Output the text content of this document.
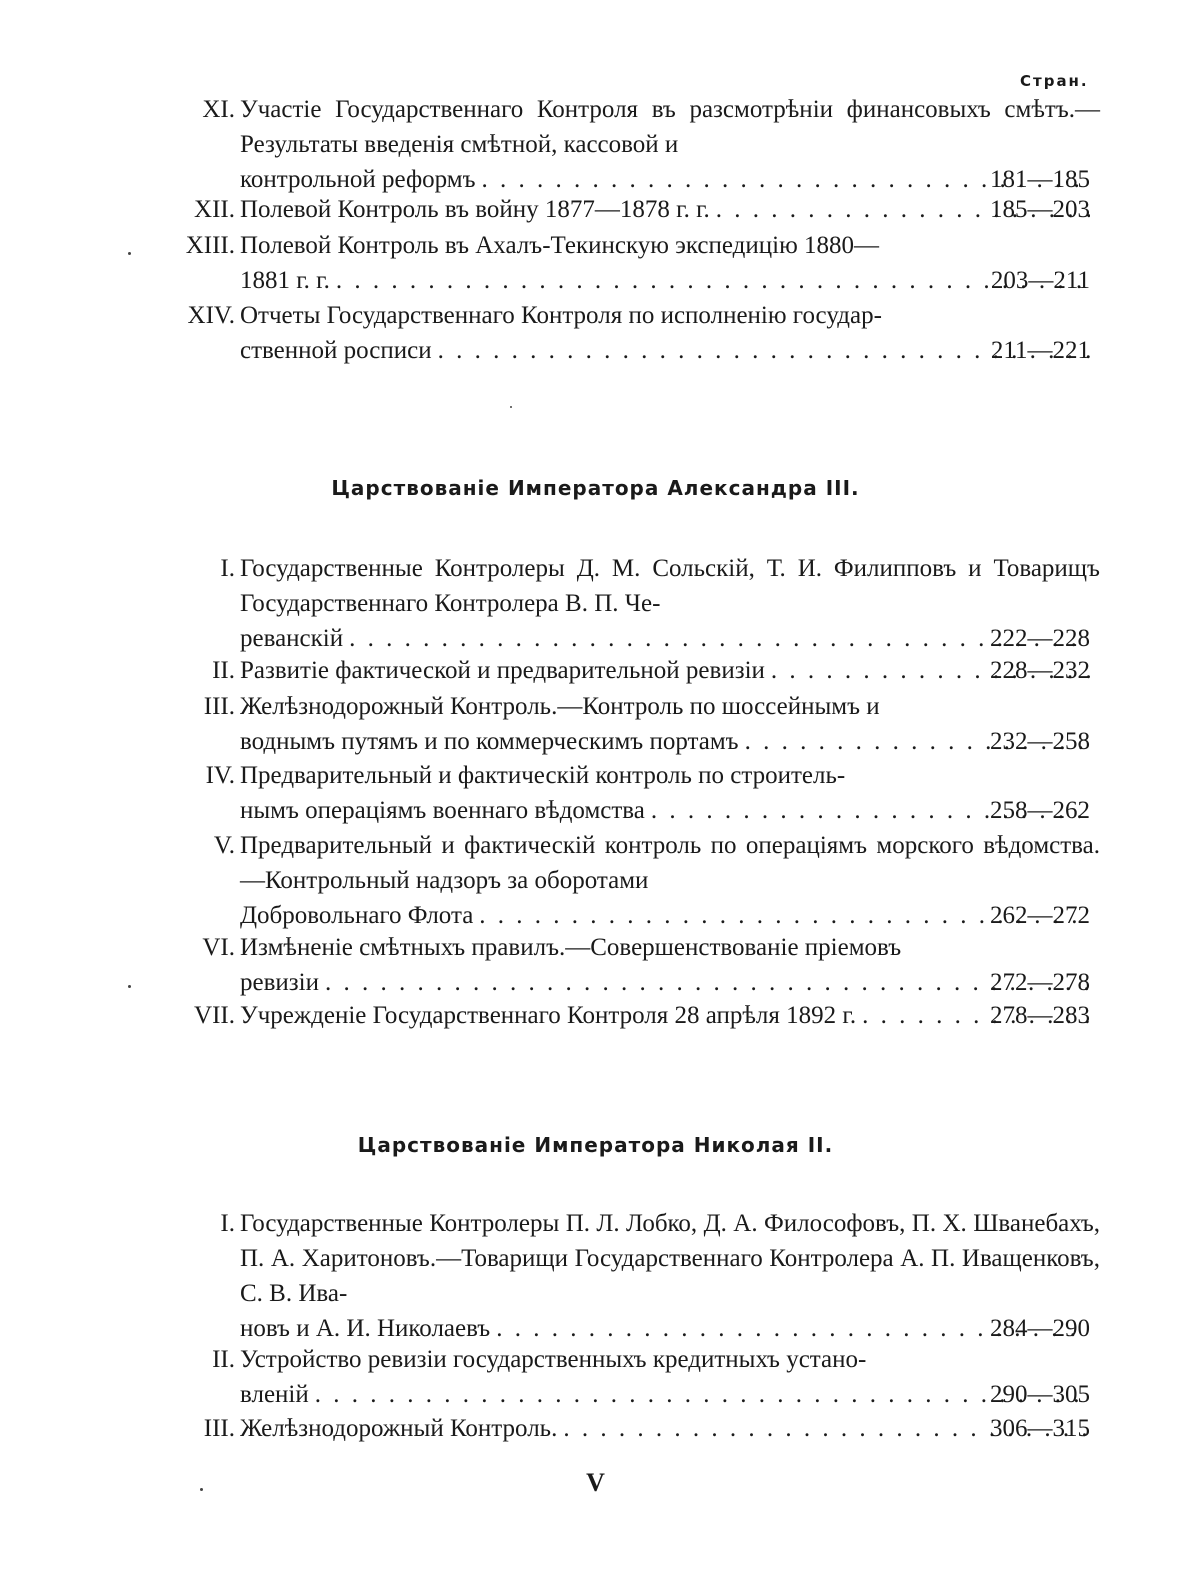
Стран.
XI. Участіе Государственнаго Контроля въ разсмотрѣніи финансовыхъ смѣтъ.—Результаты введенія смѣтной, кассовой и
контрольной реформъ . . .	181—185
XII. Полевой Контроль въ войну 1877—1878 г. г. . . .	185—203
XIII. Полевой Контроль въ Ахалъ-Текинскую экспедицію 1880—
1881 г. г. . . .	203—211
XIV. Отчеты Государственнаго Контроля по исполненію государ-
ственной росписи . . .	211—221
Царствованіе Императора Александра III.
I. Государственные Контролеры Д. М. Сольскій, Т. И. Филипповъ и Товарищъ Государственнаго Контролера В. П. Че-
реванскій . . .	222—228
II. Развитіе фактической и предварительной ревизіи . . .	228—232
III. Желѣзнодорожный Контроль.—Контроль по шоссейнымъ и
воднымъ путямъ и по коммерческимъ портамъ . . .	232—258
IV. Предварительный и фактическій контроль по строитель-
нымъ операціямъ военнаго вѣдомства . . .	258—262
V. Предварительный и фактическій контроль по операціямъ морского вѣдомства.—Контрольный надзоръ за оборотами
Добровольнаго Флота . . .	262—272
VI. Измѣненіе смѣтныхъ правилъ.—Совершенствованіе пріемовъ
ревизіи . . .	272—278
VII. Учрежденіе Государственнаго Контроля 28 апрѣля 1892 г. . . .	278—283
Царствованіе Императора Николая II.
I. Государственные Контролеры П. Л. Лобко, Д. А. Философовъ, П. Х. Шванебахъ, П. А. Харитоновъ.—Товарищи Государственнаго Контролера А. П. Иващенковъ, С. В. Ива-
новъ и А. И. Николаевъ . . .	284—290
II. Устройство ревизіи государственныхъ кредитныхъ устано-
вленій . . .	290—305
III. Желѣзнодорожный Контроль. . . .	306—315
V
